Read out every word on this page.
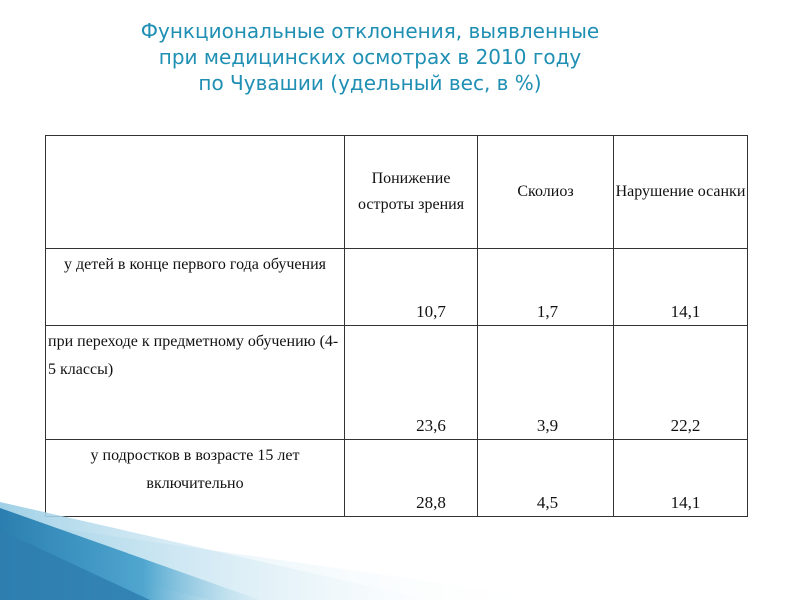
Функциональные отклонения, выявленные
при медицинских осмотрах в 2010 году
по Чувашии (удельный вес, в %)

	Понижение остроты зрения	Сколиоз	Нарушение осанки

у детей в конце первого года обучения	10,7	1,7	14,1

при переходе к предметному обучению (4-5 классы)	23,6	3,9	22,2

у подростков в возрасте 15 лет включительно	28,8	4,5	14,1
